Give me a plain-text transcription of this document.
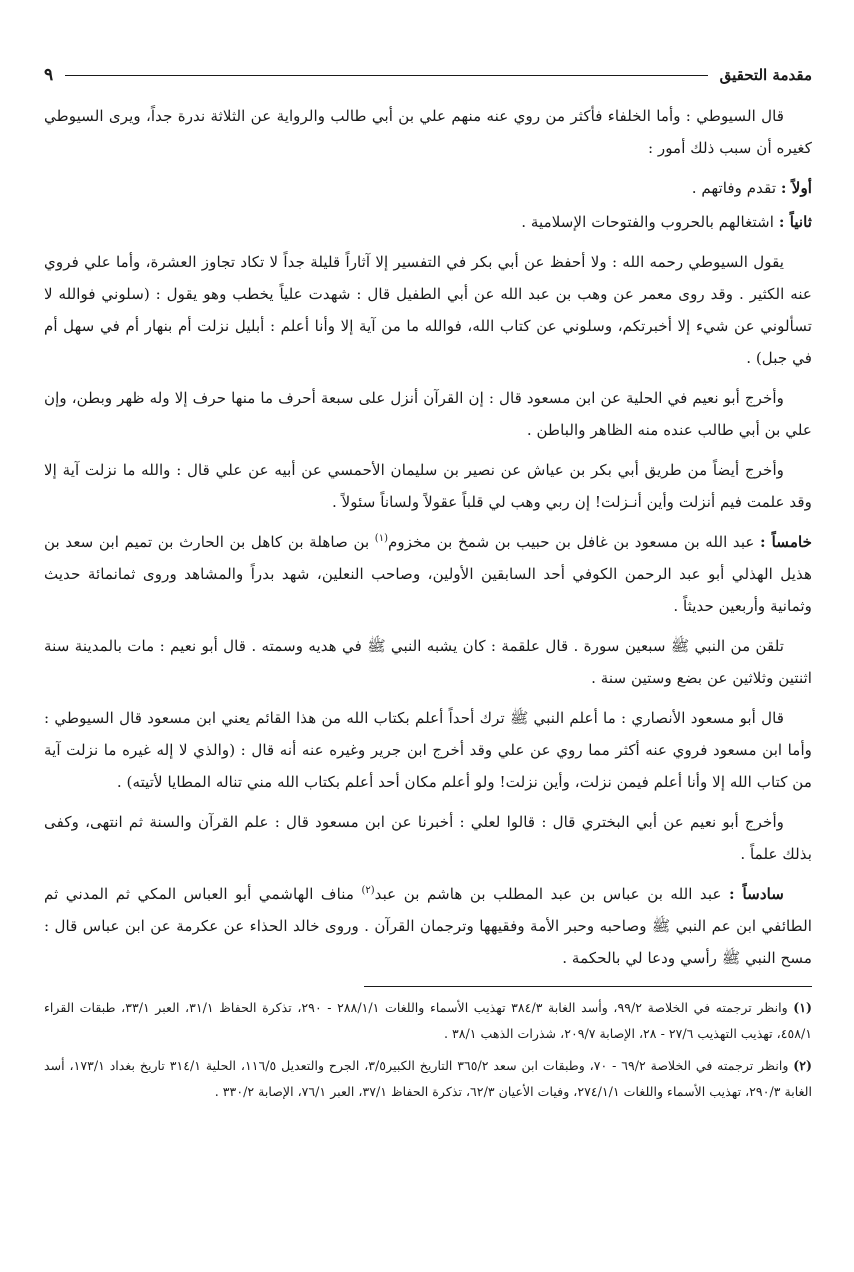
مقدمة التحقيق
٩

قال السيوطي : وأما الخلفاء فأكثر من روي عنه منهم علي بن أبي طالب والرواية عن الثلاثة ندرة جداً، ويرى السيوطي كغيره أن سبب ذلك أمور :

أولاً : تقدم وفاتهم .

ثانياً : اشتغالهم بالحروب والفتوحات الإسلامية .

يقول السيوطي رحمه الله : ولا أحفظ عن أبي بكر في التفسير إلا آثاراً قليلة جداً لا تكاد تجاوز العشرة، وأما علي فروي عنه الكثير . وقد روى معمر عن وهب بن عبد الله عن أبي الطفيل قال : شهدت علياً يخطب وهو يقول : (سلوني فوالله لا تسألوني عن شيء إلا أخبرتكم، وسلوني عن كتاب الله، فوالله ما من آية إلا وأنا أعلم : أبليل نزلت أم بنهار أم في سهل أم في جبل) .

وأخرج أبو نعيم في الحلية عن ابن مسعود قال : إن القرآن أنزل على سبعة أحرف ما منها حرف إلا وله ظهر وبطن، وإن علي بن أبي طالب عنده منه الظاهر والباطن .

وأخرج أيضاً من طريق أبي بكر بن عياش عن نصير بن سليمان الأحمسي عن أبيه عن علي قال : والله ما نزلت آية إلا وقد علمت فيم أنزلت وأين أنـزلت! إن ربي وهب لي قلباً عقولاً ولساناً سئولاً .

خامساً : عبد الله بن مسعود بن غافل بن حبيب بن شمخ بن مخزوم$^{(١)}$ بن صاهلة بن كاهل بن الحارث بن تميم ابن سعد بن هذيل الهذلي أبو عبد الرحمن الكوفي أحد السابقين الأولين، وصاحب النعلين، شهد بدراً والمشاهد وروى ثمانمائة حديث وثمانية وأربعين حديثاً .

تلقن من النبي ﷺ سبعين سورة . قال علقمة : كان يشبه النبي ﷺ في هديه وسمته . قال أبو نعيم : مات بالمدينة سنة اثنتين وثلاثين عن بضع وستين سنة .

قال أبو مسعود الأنصاري : ما أعلم النبي ﷺ ترك أحداً أعلم بكتاب الله من هذا القائم يعني ابن مسعود قال السيوطي : وأما ابن مسعود فروي عنه أكثر مما روي عن علي وقد أخرج ابن جرير وغيره عنه أنه قال : (والذي لا إله غيره ما نزلت آية من كتاب الله إلا وأنا أعلم فيمن نزلت، وأين نزلت! ولو أعلم مكان أحد أعلم بكتاب الله مني تناله المطايا لأتيته) .

وأخرج أبو نعيم عن أبي البختري قال : قالوا لعلي : أخبرنا عن ابن مسعود قال : علم القرآن والسنة ثم انتهى، وكفى بذلك علماً .

سادساً : عبد الله بن عباس بن عبد المطلب بن هاشم بن عبد$^{(٢)}$ مناف الهاشمي أبو العباس المكي ثم المدني ثم الطائفي ابن عم النبي ﷺ وصاحبه وحبر الأمة وفقيهها وترجمان القرآن . وروى خالد الحذاء عن عكرمة عن ابن عباس قال : مسح النبي ﷺ رأسي ودعا لي بالحكمة .

(١) وانظر ترجمته في الخلاصة ٩٩/٢، وأسد الغابة ٣٨٤/٣ تهذيب الأسماء واللغات ٢٨٨/١/١ - ٢٩٠، تذكرة الحفاظ ٣١/١، العبر ٣٣/١، طبقات القراء ٤٥٨/١، تهذيب التهذيب ٢٧/٦ - ٢٨، الإصابة ٢٠٩/٧، شذرات الذهب ٣٨/١ .

(٢) وانظر ترجمته في الخلاصة ٦٩/٢ - ٧٠، وطبقات ابن سعد ٣٦٥/٢ التاريخ الكبير٣/٥، الجرح والتعديل ١١٦/٥، الحلية ٣١٤/١ تاريخ بغداد ١٧٣/١، أسد الغابة ٢٩٠/٣، تهذيب الأسماء واللغات ٢٧٤/١/١، وفيات الأعيان ٦٢/٣، تذكرة الحفاظ ٣٧/١، العبر ٧٦/١، الإصابة ٣٣٠/٢ .
